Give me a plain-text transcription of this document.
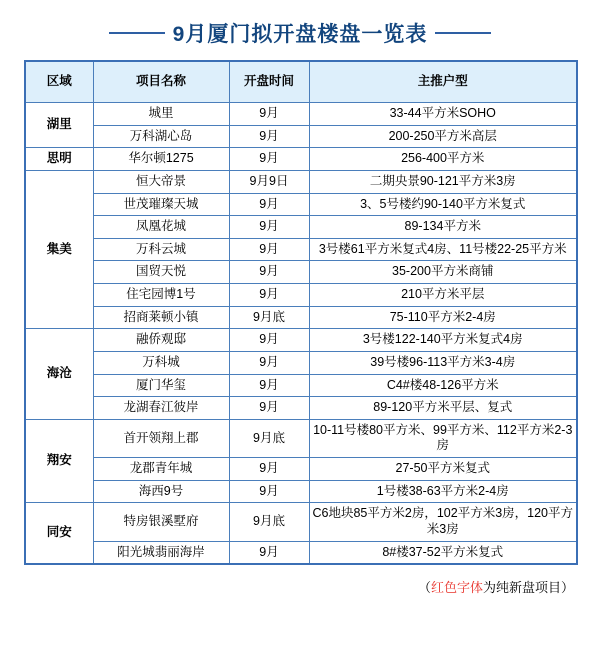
9月厦门拟开盘楼盘一览表
区域	项目名称	开盘时间	主推户型
湖里	城里	9月	33-44平方米SOHO
	万科湖心岛	9月	200-250平方米高层
思明	华尔顿1275	9月	256-400平方米
集美	恒大帝景	9月9日	二期央景90-121平方米3房
	世茂璀璨天城	9月	3、5号楼约90-140平方米复式
	凤凰花城	9月	89-134平方米
	万科云城	9月	3号楼61平方米复式4房、11号楼22-25平方米
	国贸天悦	9月	35-200平方米商铺
	住宅园博1号	9月	210平方米平层
	招商莱顿小镇	9月底	75-110平方米2-4房
海沧	融侨观邸	9月	3号楼122-140平方米复式4房
	万科城	9月	39号楼96-113平方米3-4房
	厦门华玺	9月	C4#楼48-126平方米
	龙湖春江彼岸	9月	89-120平方米平层、复式
翔安	首开领翔上郡	9月底	10-11号楼80平方米、99平方米、112平方米2-3房
	龙郡青年城	9月	27-50平方米复式
	海西9号	9月	1号楼38-63平方米2-4房
同安	特房银溪墅府	9月底	C6地块85平方米2房，102平方米3房，120平方米3房
	阳光城翡丽海岸	9月	8#楼37-52平方米复式
（红色字体为纯新盘项目）
